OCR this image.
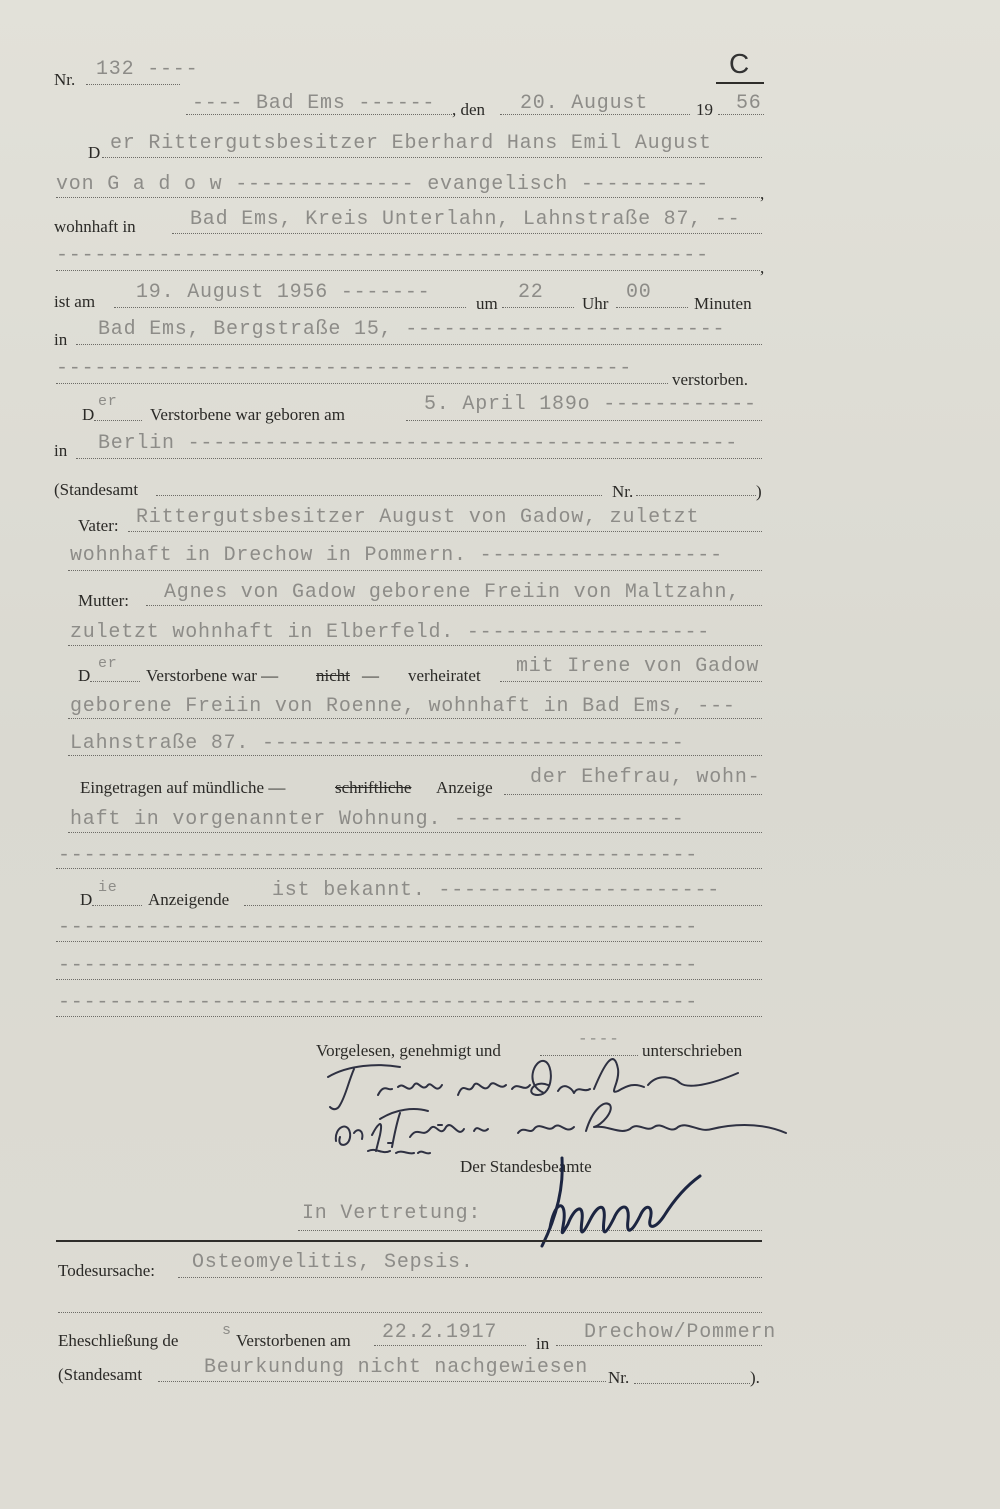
Nr. 132 ----	C
---- Bad Ems ------ , den 20. August	19 56
D er Rittergutsbesitzer Eberhard Hans Emil August
von G a d o w -------------- evangelisch ----------	,
wohnhaft in	Bad Ems, Kreis Unterlahn, Lahnstraße 87, --
---------------------------------------------------
,
ist am 19. August 1956 -------	um 22 Uhr 00 Minuten
in Bad Ems, Bergstraße 15, -------------------------
--------------------------------------------- verstorben.
D
er
Verstorbene war geboren am	5. April 189o ------------
in Berlin -------------------------------------------
(Standesamt	Nr.	)
Vater: Rittergutsbesitzer August von Gadow, zuletzt
wohnhaft in Drechow in Pommern. -------------------
Mutter: Agnes von Gadow geborene Freiin von Maltzahn,
zuletzt wohnhaft in Elberfeld. -------------------
D
er
Verstorbene war — nicht — verheiratet mit Irene von Gadow
geborene Freiin von Roenne, wohnhaft in Bad Ems, ---
Lahnstraße 87. ---------------------------------
Eingetragen auf mündliche —	schriftliche Anzeige der Ehefrau, wohn-
haft in vorgenannter Wohnung. ------------------
--------------------------------------------------
D
ie
Anzeigende ist bekannt. ----------------------
--------------------------------------------------
--------------------------------------------------
--------------------------------------------------
Vorgelesen, genehmigt und
----
unterschrieben
Der Standesbeamte
In Vertretung:
Todesursache: Osteomyelitis, Sepsis.
Eheschließung de
s
Verstorbenen am 22.2.1917 in Drechow/Pommern
(Standesamt	Beurkundung nicht nachgewiesen Nr.	).
